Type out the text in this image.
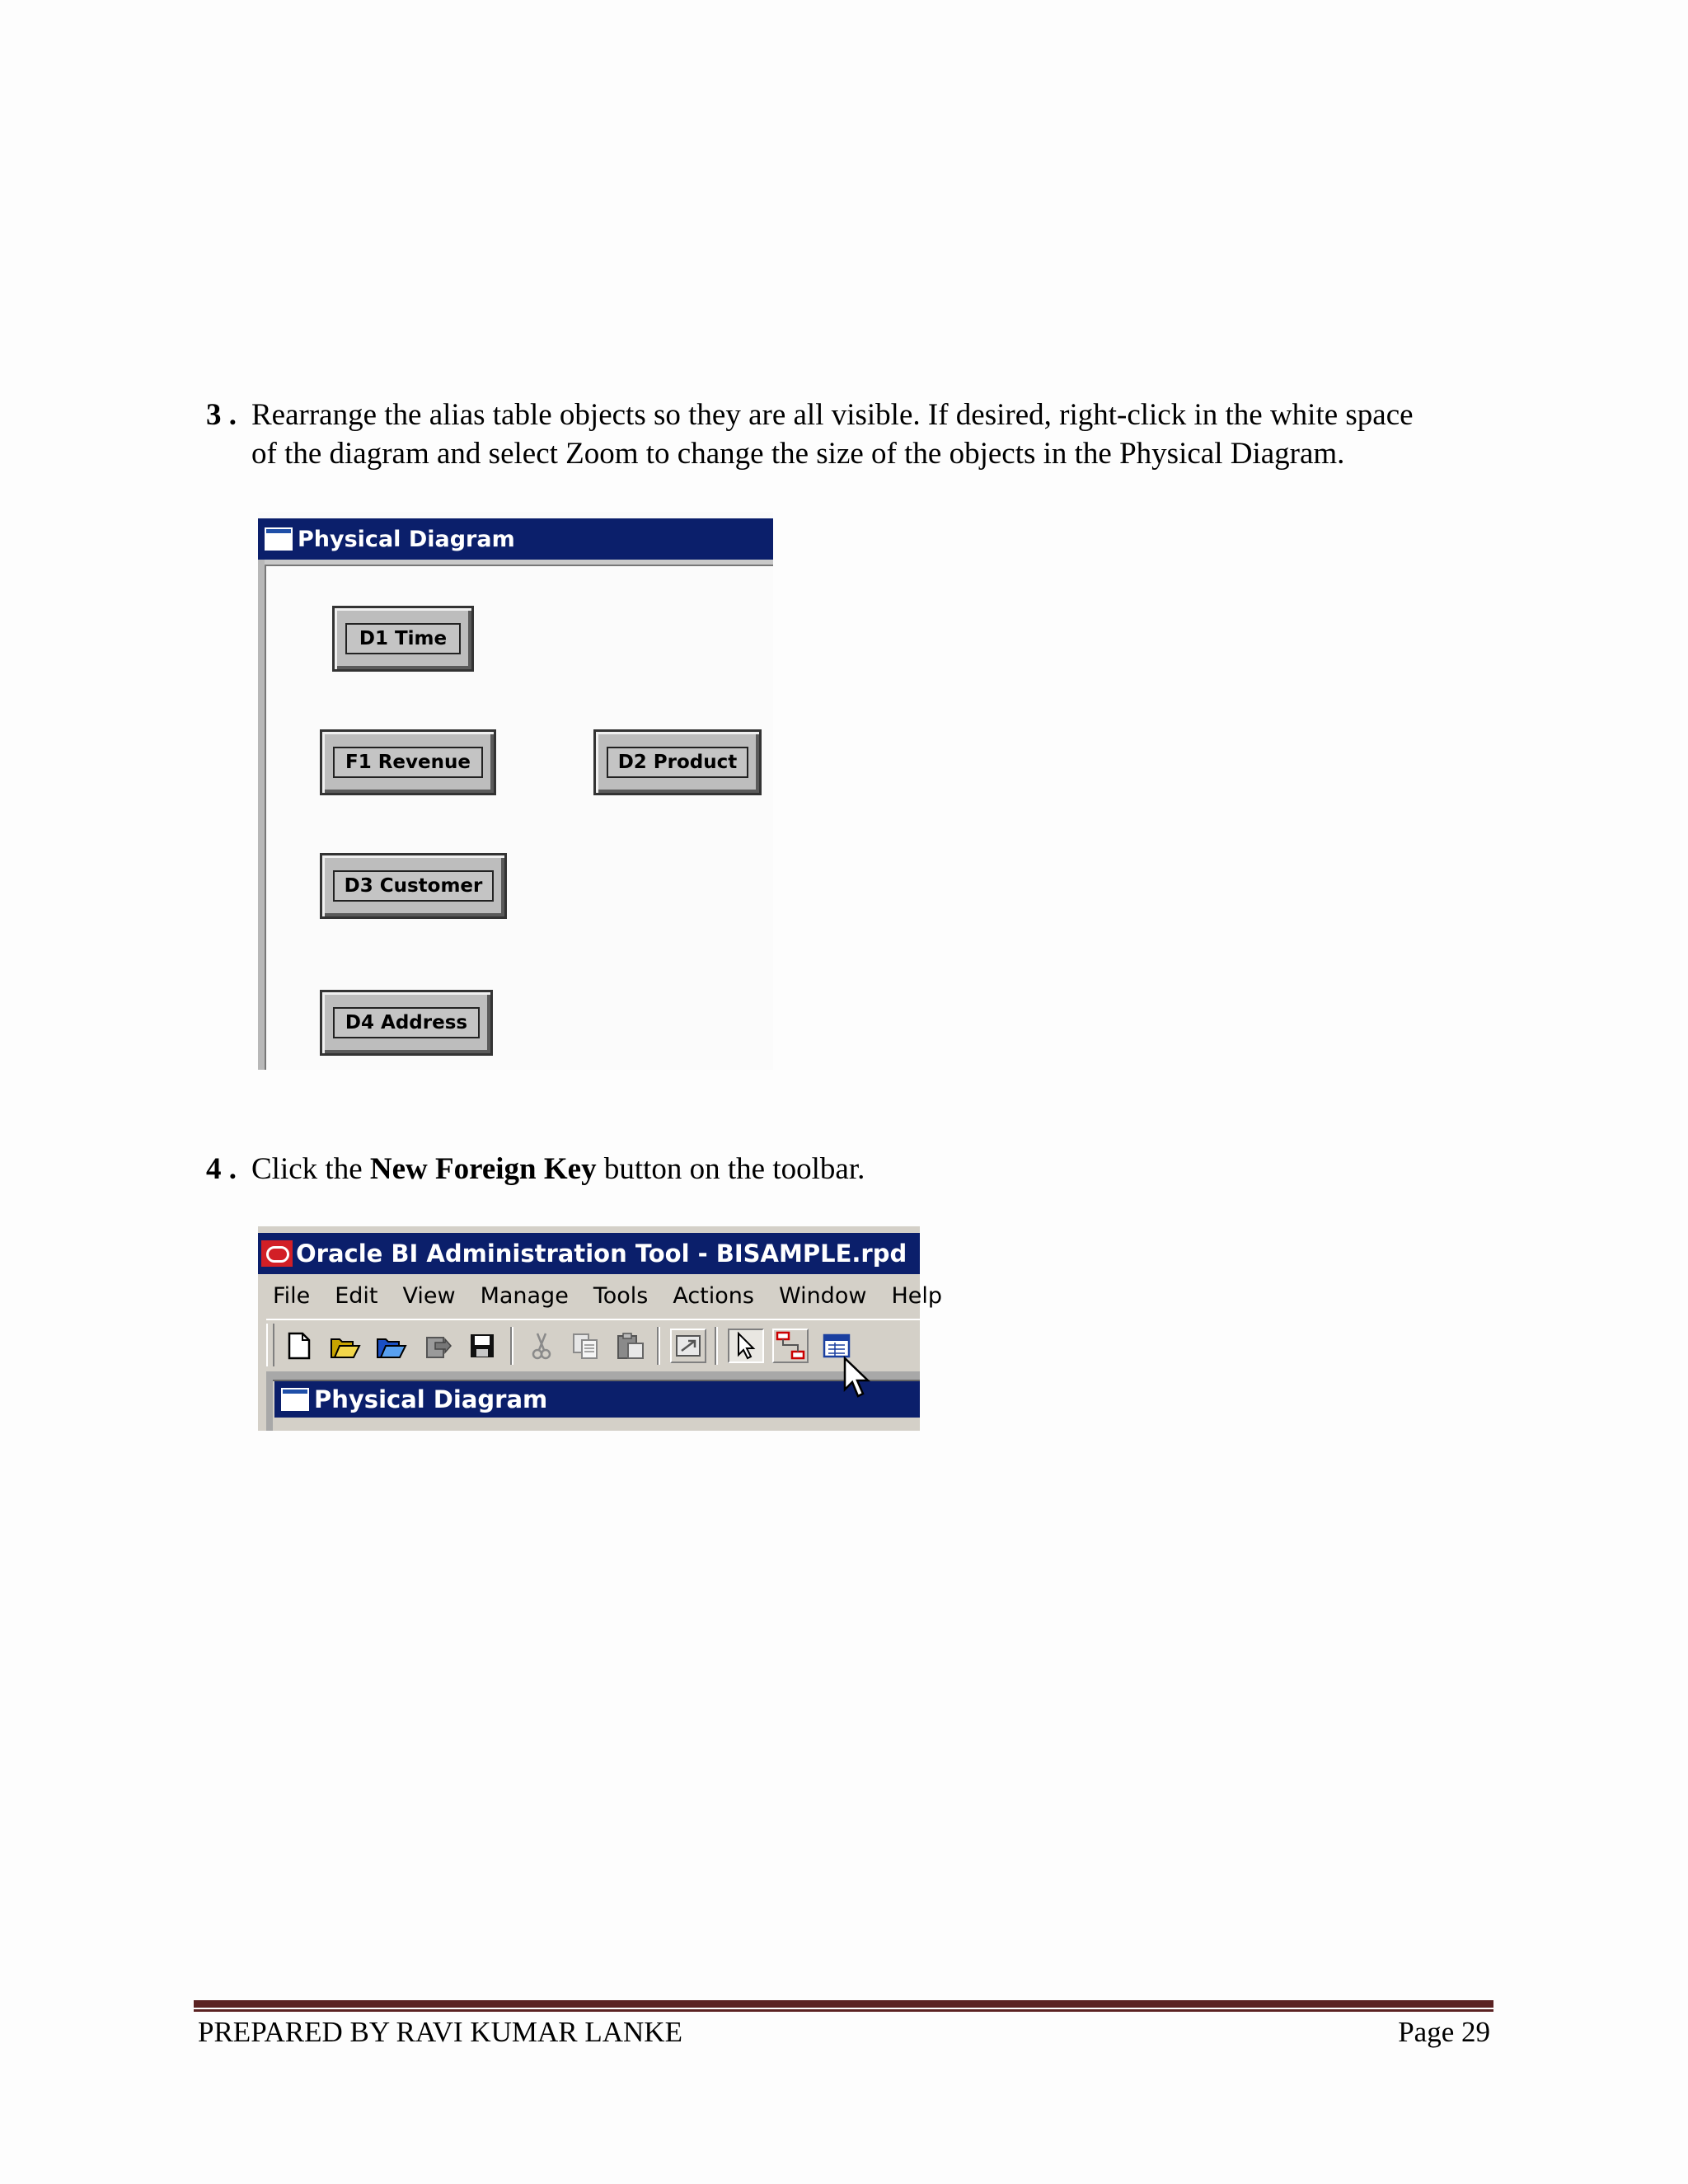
3 . Rearrange the alias table objects so they are all visible. If desired, right-click in the white space
of the diagram and select Zoom to change the size of the objects in the Physical Diagram.
Physical Diagram
D1 Time
F1 Revenue	D2 Product
D3 Customer
D4 Address
4 . Click the New Foreign Key button on the toolbar.
Oracle BI Administration Tool - BISAMPLE.rpd
File Edit View Manage Tools Actions Window Help
Physical Diagram
PREPARED BY RAVI KUMAR LANKE	Page 29
